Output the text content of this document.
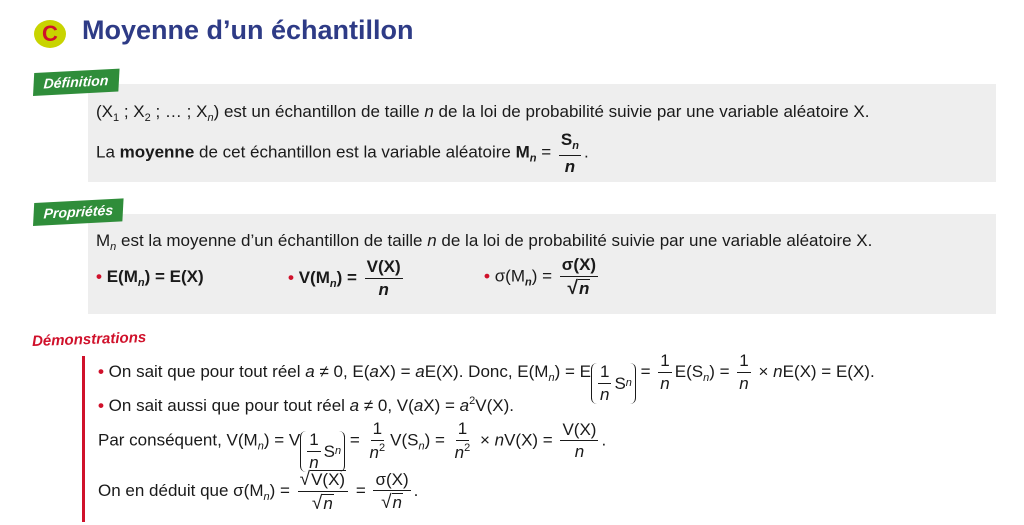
C Moyenne d’un échantillon
Définition
($X_1$ ; $X_2$ ; … ; $X_n$) est un échantillon de taille n de la loi de probabilité suivie par une variable aléatoire X.
La moyenne de cet échantillon est la variable aléatoire $M_n = \frac{S_n}{n}$ .
Propriétés
$M_n$ est la moyenne d’un échantillon de taille n de la loi de probabilité suivie par une variable aléatoire X.
• $E(M_n) = E(X)$	• $V(M_n) = \frac{V(X)}{n}$	• $\sigma(M_n) = \frac{\sigma(X)}{√ n}$
Démonstrations
• On sait que pour tout réel a ≠ 0, E(aX) = aE(X). Donc, $E(M_n) = E \frac{1}{n}$ S n
= $\frac{1}{n} E(S_n) = \frac{1}{n} \times nE(X) = E(X)$.
• On sait aussi que pour tout réel a ≠ 0, $V(aX) = a^2V(X)$.
Par conséquent, $V(M_n) = V \frac{1}{n}$ S n
= $\frac{1}{n^2} V(S_n) = \frac{1}{n^2} \times nV(X) = \frac{V(X)}{n}$ .
On en déduit que $\sigma(M_n) = \frac{√ V(X)}{√ n} = \frac{\sigma(X)}{√ n}$ .
